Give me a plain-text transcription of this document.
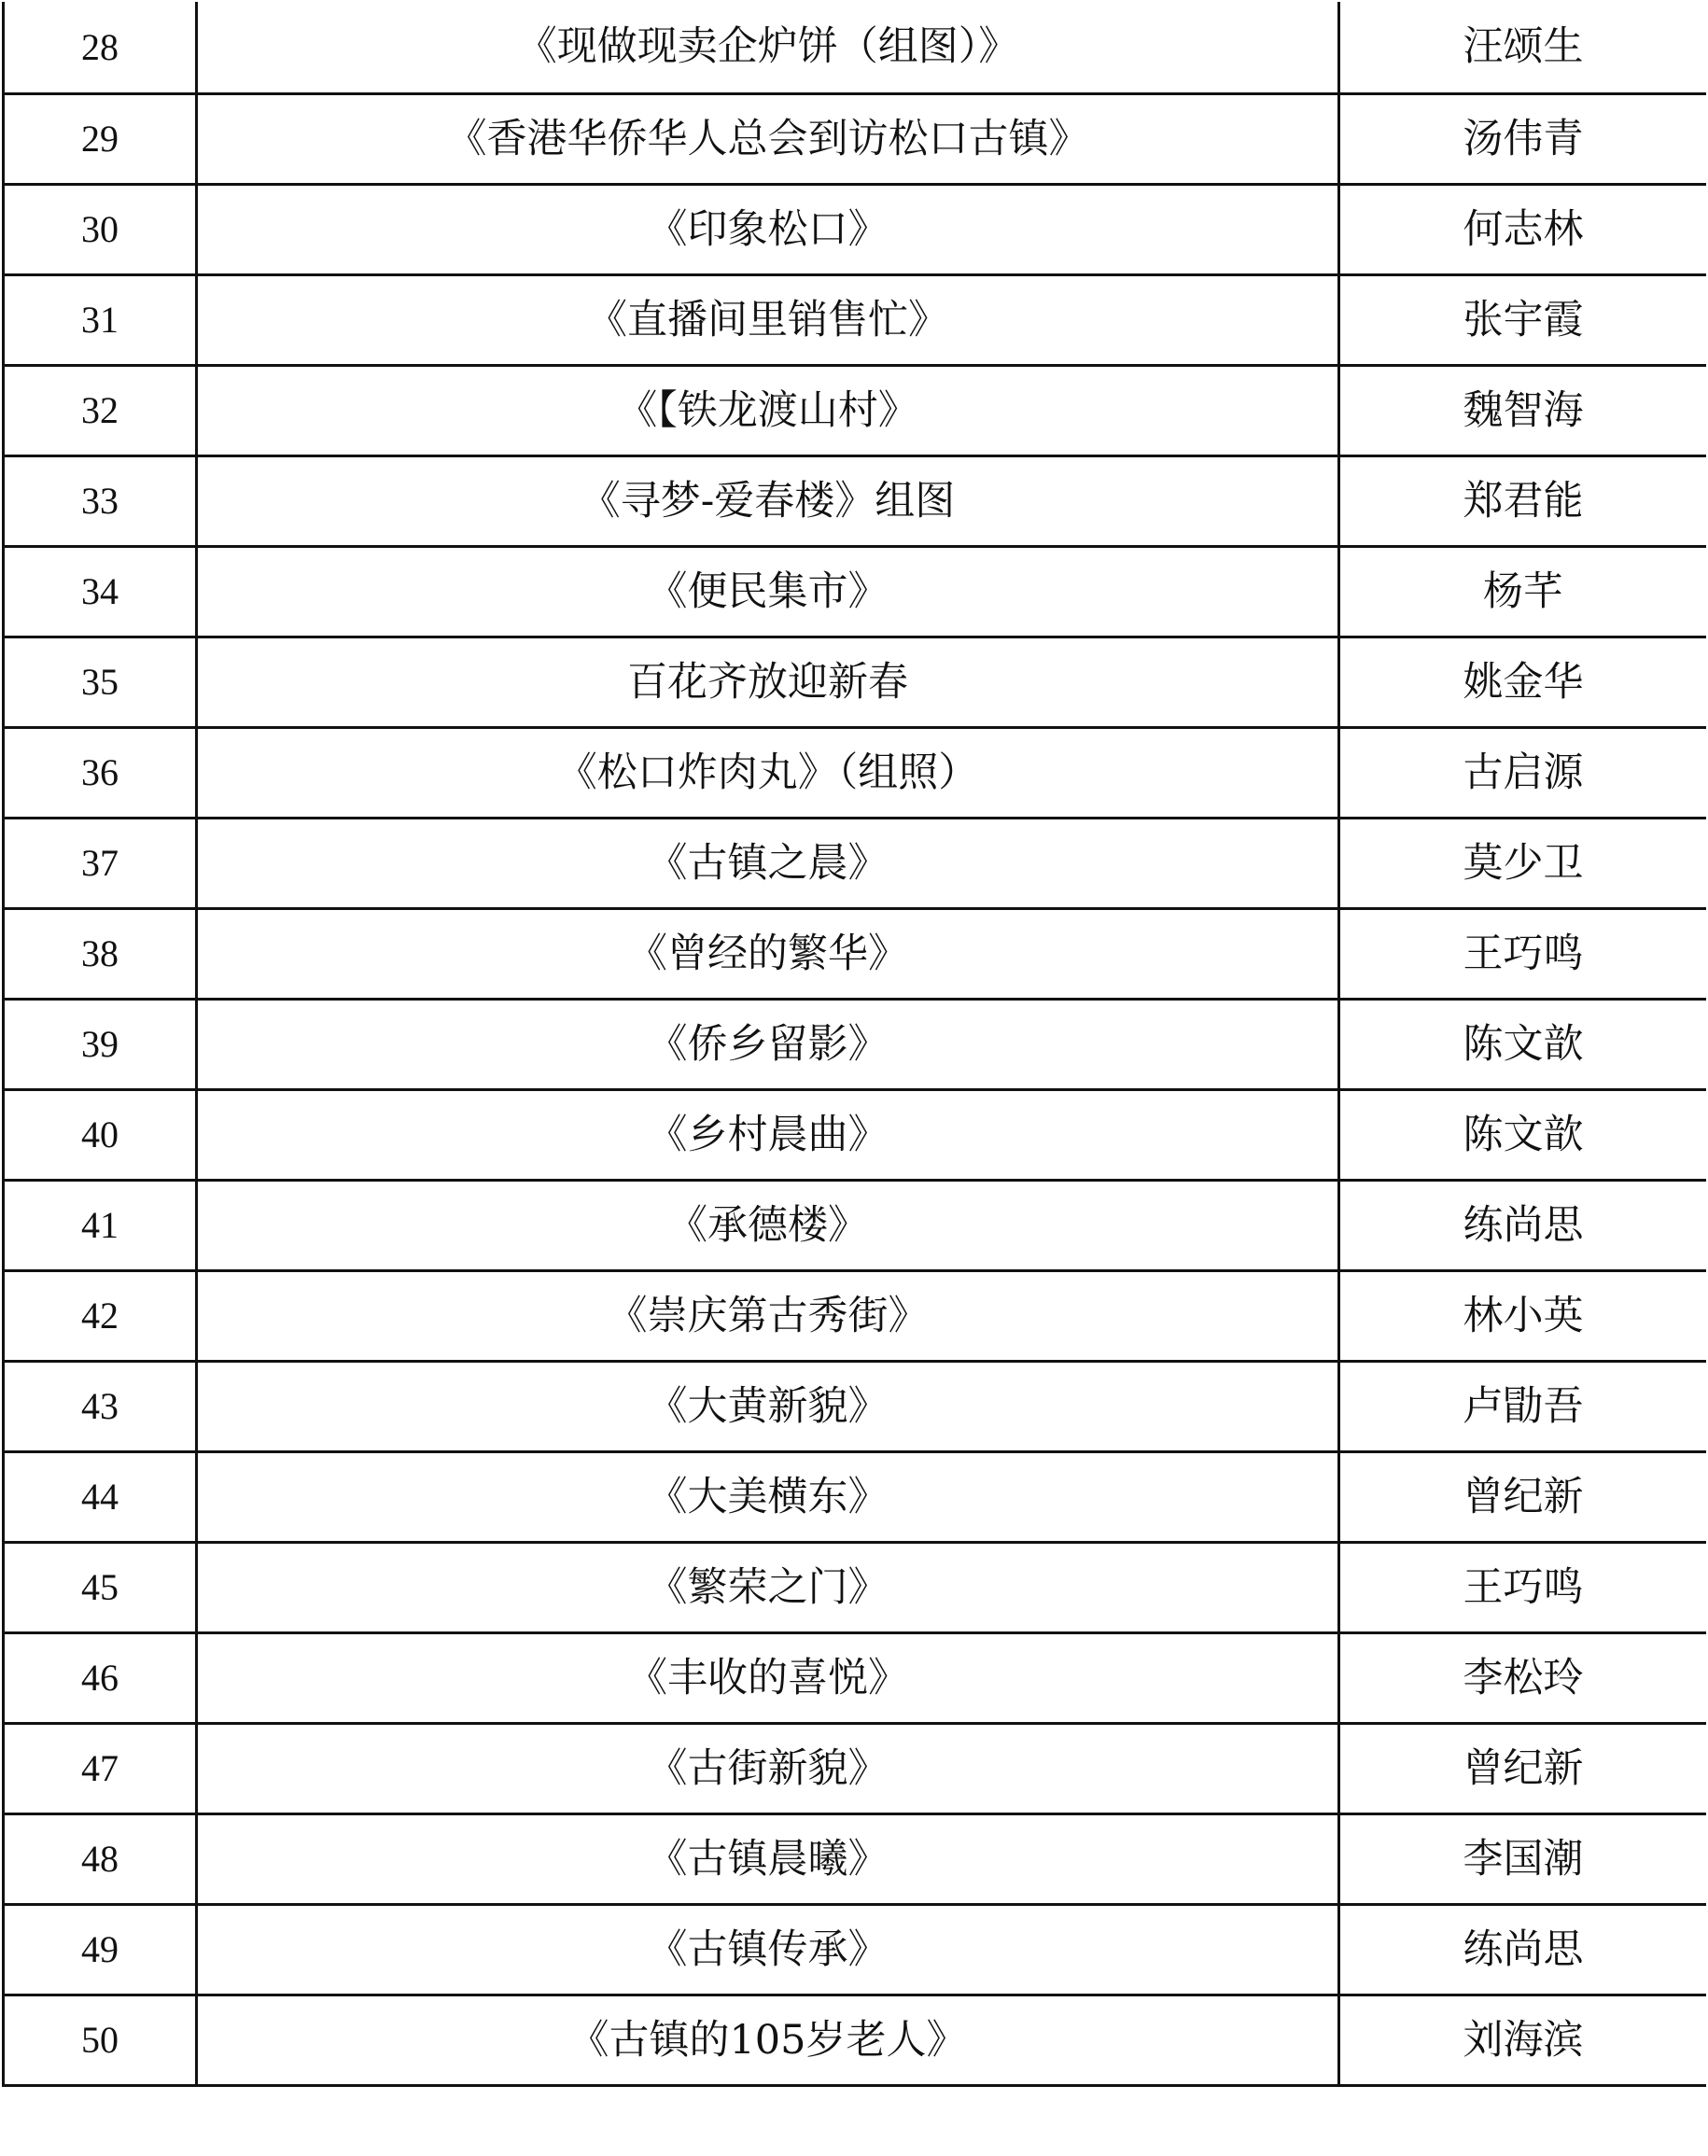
28	《现做现卖企炉饼（组图）》	汪颂生
29	《香港华侨华人总会到访松口古镇》	汤伟青
30	《印象松口》	何志林
31	《直播间里销售忙》	张宇霞
32	《【铁龙渡山村》	魏智海
33	《寻梦-爱春楼》组图	郑君能
34	《便民集市》	杨芊
35	百花齐放迎新春	姚金华
36	《松口炸肉丸》（组照）	古启源
37	《古镇之晨》	莫少卫
38	《曾经的繁华》	王巧鸣
39	《侨乡留影》	陈文歆
40	《乡村晨曲》	陈文歆
41	《承德楼》	练尚思
42	《崇庆第古秀街》	林小英
43	《大黄新貌》	卢勖吾
44	《大美横东》	曾纪新
45	《繁荣之门》	王巧鸣
46	《丰收的喜悦》	李松玲
47	《古街新貌》	曾纪新
48	《古镇晨曦》	李国潮
49	《古镇传承》	练尚思
50	《古镇的105岁老人》	刘海滨
